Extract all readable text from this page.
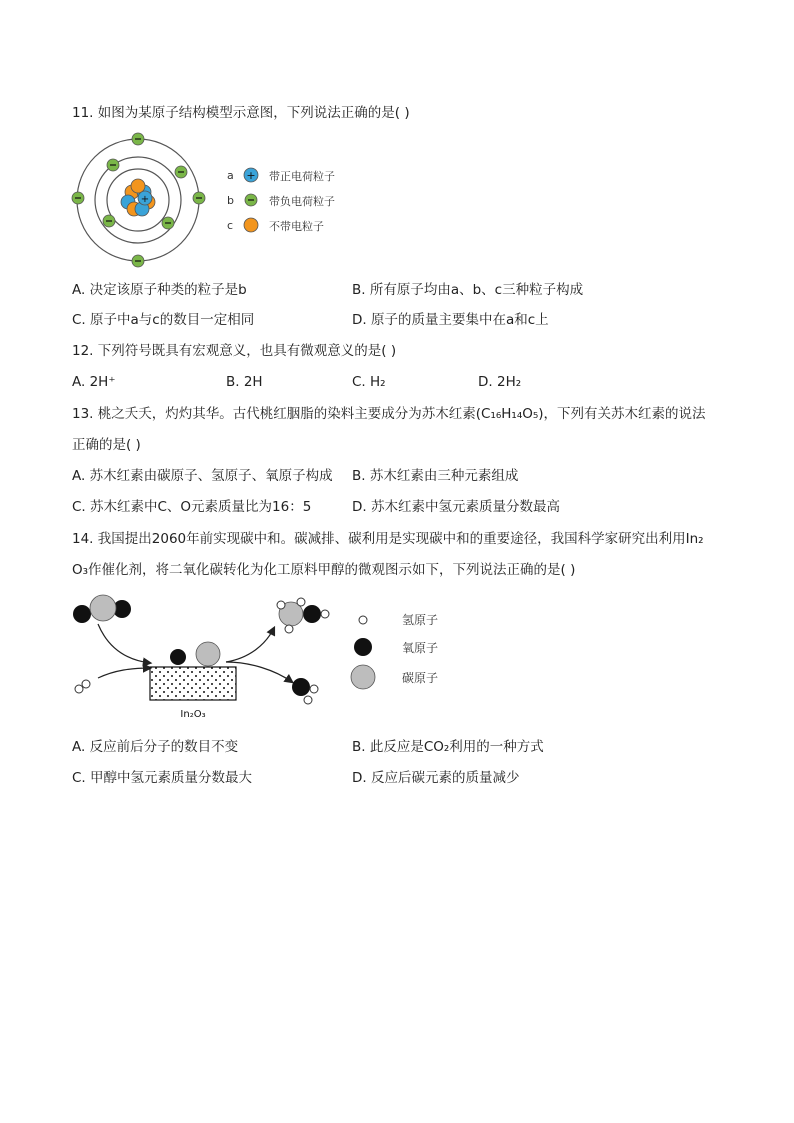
11. 如图为某原子结构模型示意图，下列说法正确的是( )
+
a + 带正电荷粒子
b	带负电荷粒子
c	不带电粒子
A. 决定该原子种类的粒子是b	B. 所有原子均由a、b、c三种粒子构成
C. 原子中a与c的数目一定相同	D. 原子的质量主要集中在a和c上
12. 下列符号既具有宏观意义，也具有微观意义的是( )
A. 2H⁺	B. 2H	C. H₂	D. 2H₂
13. 桃之夭夭，灼灼其华。古代桃红胭脂的染料主要成分为苏木红素(C₁₆H₁₄O₅)，下列有关苏木红素的说法
正确的是( )
A. 苏木红素由碳原子、氢原子、氧原子构成 B. 苏木红素由三种元素组成
C. 苏木红素中C、O元素质量比为16：5	D. 苏木红素中氢元素质量分数最高
14. 我国提出2060年前实现碳中和。碳减排、碳利用是实现碳中和的重要途径，我国科学家研究出利用In₂
O₃作催化剂，将二氧化碳转化为化工原料甲醇的微观图示如下，下列说法正确的是( )
In₂O₃
氢原子
氧原子
碳原子
A. 反应前后分子的数目不变	B. 此反应是CO₂利用的一种方式
C. 甲醇中氢元素质量分数最大	D. 反应后碳元素的质量减少
